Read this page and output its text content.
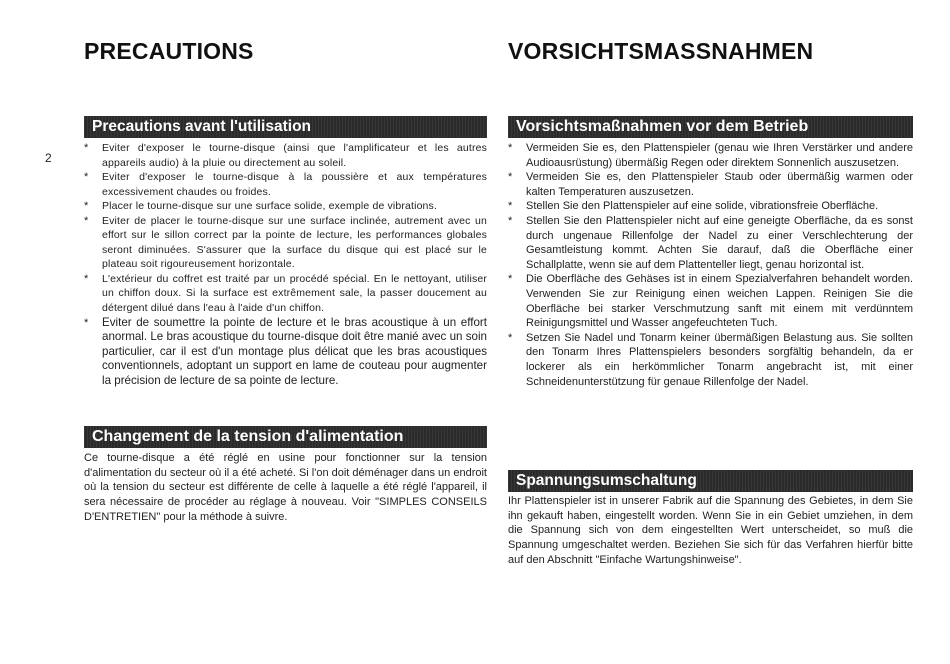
2
PRECAUTIONS
Precautions avant l'utilisation
* Eviter d'exposer le tourne-disque (ainsi que l'amplificateur et les autres appareils audio) à la pluie ou directement au soleil.
* Eviter d'exposer le tourne-disque à la poussière et aux températures excessivement chaudes ou froides.
* Placer le tourne-disque sur une surface solide, exemple de vibrations.
* Eviter de placer le tourne-disque sur une surface inclinée, autrement avec un effort sur le sillon correct par la pointe de lecture, les performances globales seront diminuées. S'assurer que la surface du disque qui est placé sur le plateau soit rigoureusement horizontale.
* L'extérieur du coffret est traité par un procédé spécial. En le nettoyant, utiliser un chiffon doux. Si la surface est extrêmement sale, la passer doucement au détergent dilué dans l'eau à l'aide d'un chiffon.
* Eviter de soumettre la pointe de lecture et le bras acoustique à un effort anormal. Le bras acoustique du tourne-disque doit être manié avec un soin particulier, car il est d'un montage plus délicat que les bras acoustiques conventionnels, adoptant un support en lame de couteau pour augmenter la précision de lecture de sa pointe de lecture.
Changement de la tension d'alimentation

Ce tourne-disque a été réglé en usine pour fonctionner sur la tension d'alimentation du secteur où il a été acheté. Si l'on doit déménager dans un endroit où la tension du secteur est différente de celle à laquelle a été réglé l'appareil, il sera nécessaire de procéder au réglage à nouveau. Voir "SIMPLES CONSEILS D'ENTRETIEN" pour la méthode à suivre.

VORSICHTSMASSNAHMEN
Vorsichtsmaßnahmen vor dem Betrieb
* Vermeiden Sie es, den Plattenspieler (genau wie Ihren Verstärker und andere Audioausrüstung) übermäßig Regen oder direktem Sonnenlich auszusetzen.
* Vermeiden Sie es, den Plattenspieler Staub oder übermäßig warmen oder kalten Temperaturen auszusetzen.
* Stellen Sie den Plattenspieler auf eine solide, vibrationsfreie Oberfläche.
* Stellen Sie den Plattenspieler nicht auf eine geneigte Oberfläche, da es sonst durch ungenaue Rillenfolge der Nadel zu einer Verschlechterung der Gesamtleistung kommt. Achten Sie darauf, daß die Oberfläche einer Schallplatte, wenn sie auf dem Plattenteller liegt, genau horizontal ist.
* Die Oberfläche des Gehäses ist in einem Spezialverfahren behandelt worden. Verwenden Sie zur Reinigung einen weichen Lappen. Reinigen Sie die Oberfläche bei starker Verschmutzung sanft mit einem mit verdünntem Reinigungsmittel und Wasser angefeuchteten Tuch.
* Setzen Sie Nadel und Tonarm keiner übermäßigen Belastung aus. Sie sollten den Tonarm Ihres Plattenspielers besonders sorgfältig behandeln, da er lockerer als ein herkömmlicher Tonarm angebracht ist, mit einer Schneidenunterstützung für genaue Rillenfolge der Nadel.
Spannungsumschaltung

Ihr Plattenspieler ist in unserer Fabrik auf die Spannung des Gebietes, in dem Sie ihn gekauft haben, eingestellt worden. Wenn Sie in ein Gebiet umziehen, in dem die Spannung sich von dem eingestellten Wert unterscheidet, so muß die Spannung umgeschaltet werden. Beziehen Sie sich für das Verfahren hierfür bitte auf den Abschnitt "Einfache Wartungshinweise".
